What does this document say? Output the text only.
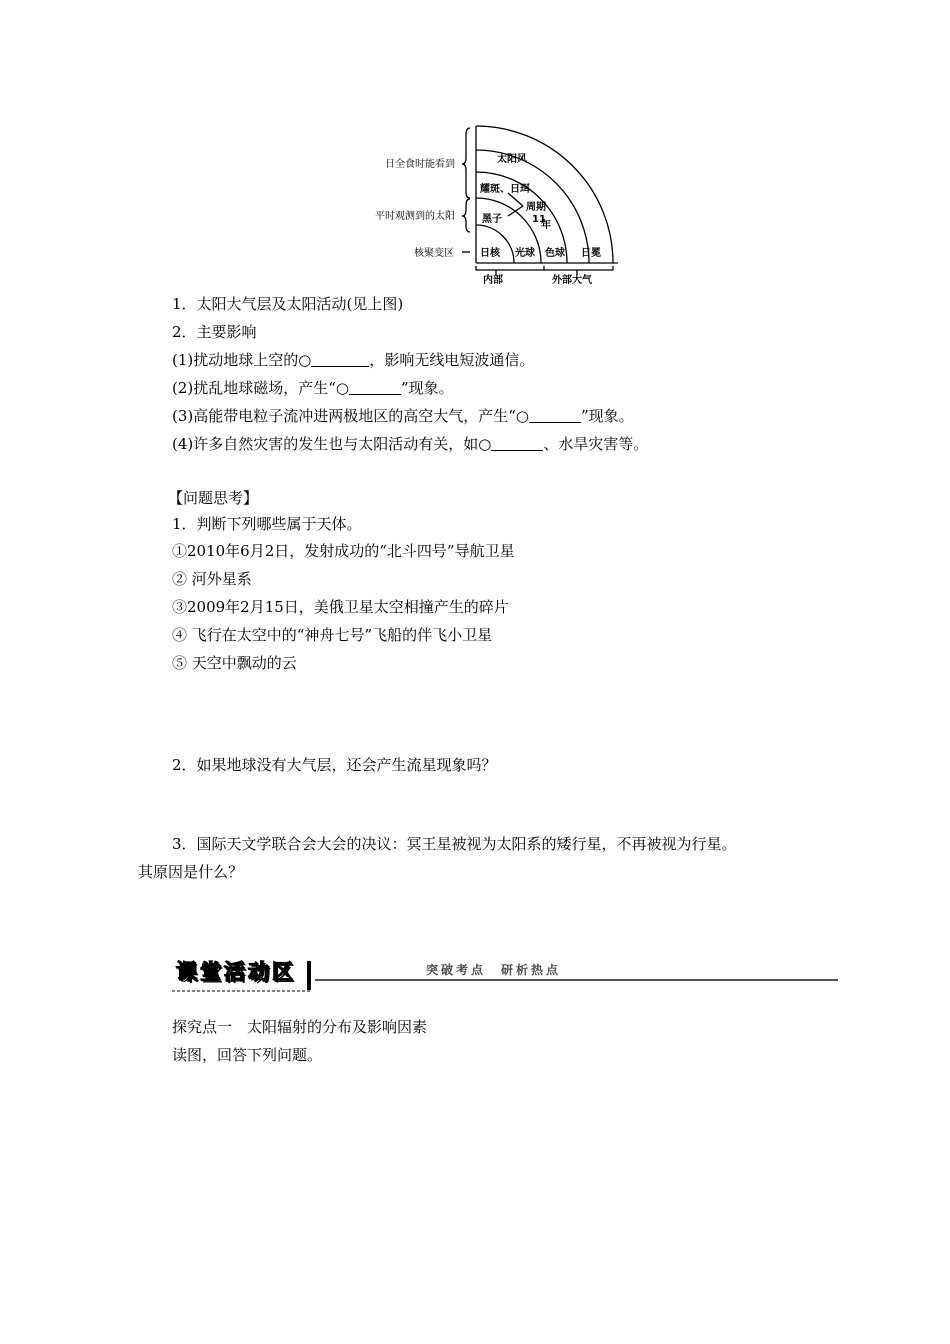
日全食时能看到
平时观测到的太阳
核聚变区
太阳风
耀斑、日珥
黑子
周期
11
年
日核 光球 色球 日冕
内部	外部大气
1．太阳大气层及太阳活动(见上图)
2．主要影响
(1)扰动地球上空的○	，影响无线电短波通信。
(2)扰乱地球磁场，产生“○	”现象。
(3)高能带电粒子流冲进两极地区的高空大气，产生“○	”现象。
(4)许多自然灾害的发生也与太阳活动有关，如○	、水旱灾害等。
【问题思考】
1．判断下列哪些属于天体。
①2010年6月2日，发射成功的“北斗四号”导航卫星
② 河外星系
③2009年2月15日，美俄卫星太空相撞产生的碎片
④ 飞行在太空中的“神舟七号”飞船的伴飞小卫星
⑤ 天空中飘动的云
2．如果地球没有大气层，还会产生流星现象吗？
3．国际天文学联合会大会的决议：冥王星被视为太阳系的矮行星，不再被视为行星。
其原因是什么？
课堂活动区	突破考点　研析热点
探究点一　太阳辐射的分布及影响因素
读图，回答下列问题。
